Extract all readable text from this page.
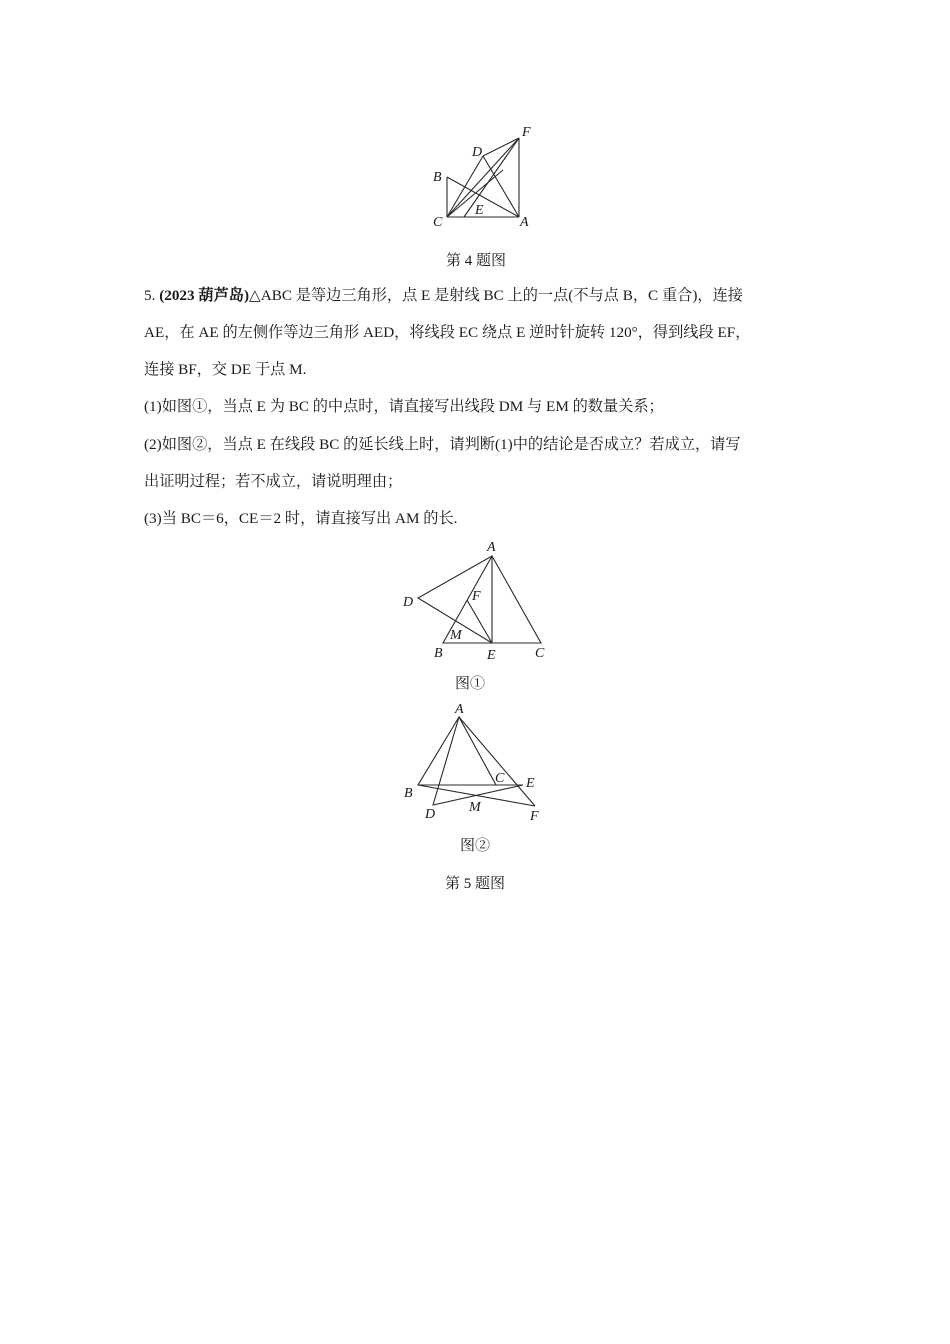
B
C
D
E
F
A
第 4 题图
5. (2023 葫芦岛)△ABC 是等边三角形，点 E 是射线 BC 上的一点(不与点 B，C 重合)，连接
AE，在 AE 的左侧作等边三角形 AED，将线段 EC 绕点 E 逆时针旋转 120°，得到线段 EF，
连接 BF，交 DE 于点 M.
(1)如图①，当点 E 为 BC 的中点时，请直接写出线段 DM 与 EM 的数量关系；
(2)如图②，当点 E 在线段 BC 的延长线上时，请判断(1)中的结论是否成立？若成立，请写
出证明过程；若不成立，请说明理由；
(3)当 BC＝6，CE＝2 时，请直接写出 AM 的长.
A
D	F
M
B	E	C
图①
A
B
C E
D M
F
图②
第 5 题图
